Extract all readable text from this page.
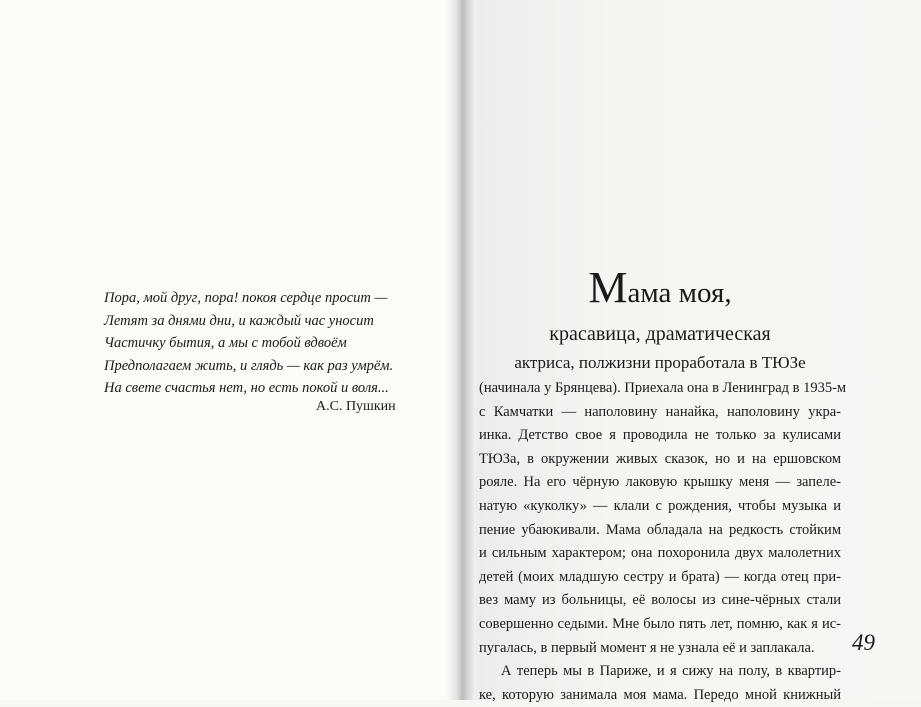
Пора, мой друг, пора! покоя сердце просит —
Летят за днями дни, и каждый час уносит
Частичку бытия, а мы с тобой вдвоём
Предполагаем жить, и глядь — как раз умрём.
На свете счастья нет, но есть покой и воля...
А.С. Пушкин
Мама моя,
красавица, драматическая
актриса, полжизни проработала в ТЮЗе
(начинала у Брянцева). Приехала она в Ленинград в 1935-м
с Камчатки — наполовину нанайка, наполовину укра-
инка. Детство свое я проводила не только за кулисами
ТЮЗа, в окружении живых сказок, но и на ершовском
рояле. На его чёрную лаковую крышку меня — запеле-
натую «куколку» — клали с рождения, чтобы музыка и
пение убаюкивали. Мама обладала на редкость стойким
и сильным характером; она похоронила двух малолетних
детей (моих младшую сестру и брата) — когда отец при-
вез маму из больницы, её волосы из сине-чёрных стали
совершенно седыми. Мне было пять лет, помню, как я ис-
пугалась, в первый момент я не узнала её и заплакала.
А теперь мы в Париже, и я сижу на полу, в квартир-
ке, которую занимала моя мама. Передо мной книжный
49
